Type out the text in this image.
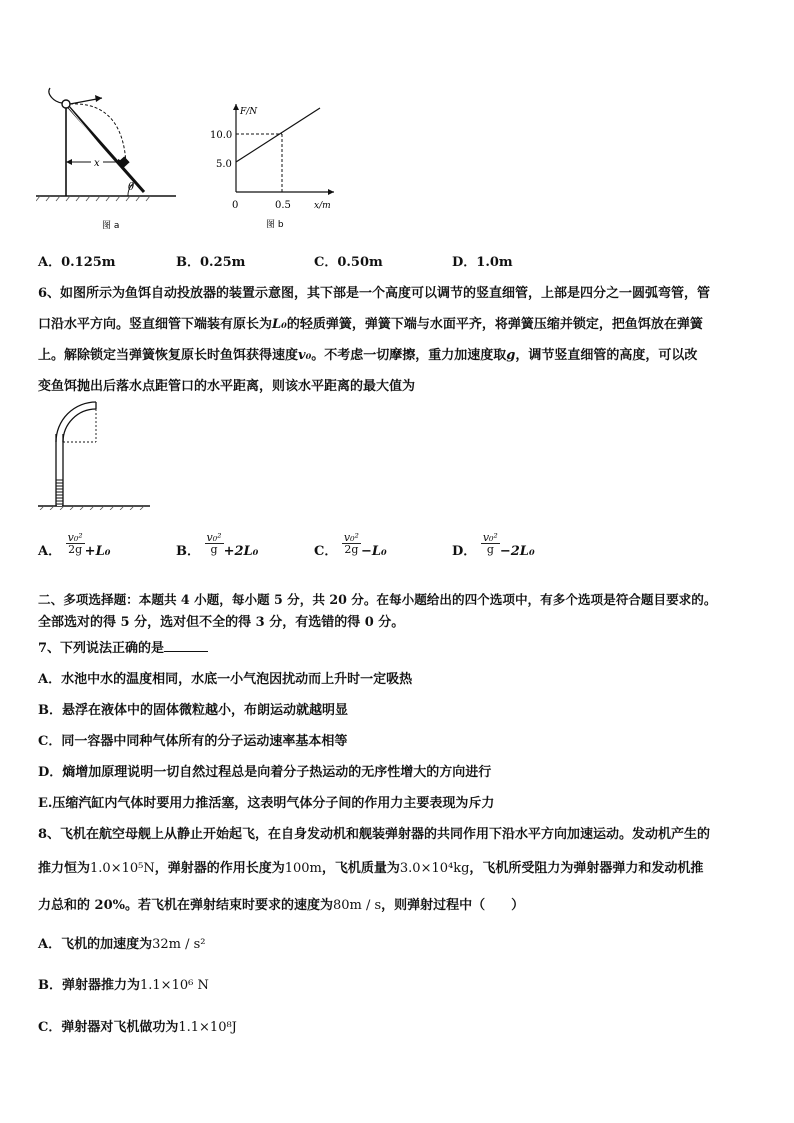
x
θ
图 a
F/N
10.0
5.0
0	0.5	x/m
图 b
A．0.125m	B．0.25m	C．0.50m	D．1.0m
6、如图所示为鱼饵自动投放器的装置示意图，其下部是一个高度可以调节的竖直细管，上部是四分之一圆弧弯管，管
口沿水平方向。竖直细管下端装有原长为L₀的轻质弹簧，弹簧下端与水面平齐，将弹簧压缩并锁定，把鱼饵放在弹簧
上。解除锁定当弹簧恢复原长时鱼饵获得速度v₀。不考虑一切摩擦，重力加速度取g，调节竖直细管的高度，可以改
变鱼饵抛出后落水点距管口的水平距离，则该水平距离的最大值为
A． $\frac{\text{v₀²}}{2g} +L_0$	B． $\frac{\text{v₀²}}{g} +2L_0$	C． $\frac{\text{v₀²}}{2g} -L_0$	D． $\frac{\text{v₀²}}{g} -2L_0$
二、多项选择题：本题共 4 小题，每小题 5 分，共 20 分。在每小题给出的四个选项中，有多个选项是符合题目要求的。
全部选对的得 5 分，选对但不全的得 3 分，有选错的得 0 分。
7、下列说法正确的是
A．水池中水的温度相同，水底一小气泡因扰动而上升时一定吸热
B．悬浮在液体中的固体微粒越小，布朗运动就越明显
C．同一容器中同种气体所有的分子运动速率基本相等
D．熵增加原理说明一切自然过程总是向着分子热运动的无序性增大的方向进行
E.压缩汽缸内气体时要用力推活塞，这表明气体分子间的作用力主要表现为斥力
8、飞机在航空母舰上从静止开始起飞，在自身发动机和舰装弹射器的共同作用下沿水平方向加速运动。发动机产生的
推力恒为1.0×10⁵N，弹射器的作用长度为100m，飞机质量为3.0×10⁴kg，飞机所受阻力为弹射器弹力和发动机推
力总和的 20%。若飞机在弹射结束时要求的速度为80m / s，则弹射过程中（　　）
A．飞机的加速度为32m / s²
B．弹射器推力为1.1×10⁶ N
C．弹射器对飞机做功为1.1×10⁸J
